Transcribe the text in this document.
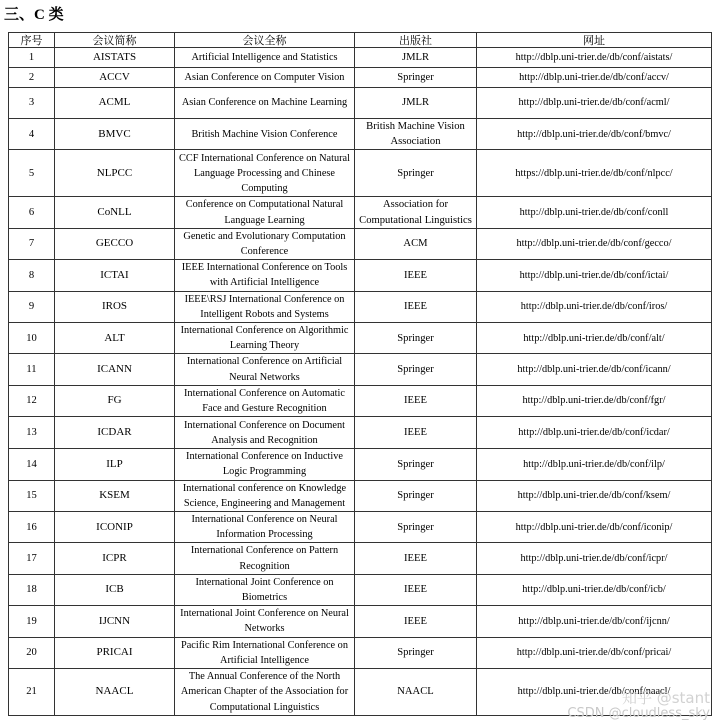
三、C 类
序号	会议简称	会议全称	出版社	网址
1	AISTATS	Artificial Intelligence and Statistics	JMLR	http://dblp.uni-trier.de/db/conf/aistats/
2	ACCV	Asian Conference on Computer Vision	Springer	http://dblp.uni-trier.de/db/conf/accv/
3	ACML	Asian Conference on Machine Learning	JMLR	http://dblp.uni-trier.de/db/conf/acml/
4	BMVC	British Machine Vision Conference	British Machine Vision Association	http://dblp.uni-trier.de/db/conf/bmvc/
5	NLPCC	CCF International Conference on Natural Language Processing and Chinese Computing	Springer	https://dblp.uni-trier.de/db/conf/nlpcc/
6	CoNLL	Conference on Computational Natural Language Learning	Association for Computational Linguistics	http://dblp.uni-trier.de/db/conf/conll
7	GECCO	Genetic and Evolutionary Computation Conference	ACM	http://dblp.uni-trier.de/db/conf/gecco/
8	ICTAI	IEEE International Conference on Tools with Artificial Intelligence	IEEE	http://dblp.uni-trier.de/db/conf/ictai/
9	IROS	IEEE\RSJ International Conference on Intelligent Robots and Systems	IEEE	http://dblp.uni-trier.de/db/conf/iros/
10	ALT	International Conference on Algorithmic Learning Theory	Springer	http://dblp.uni-trier.de/db/conf/alt/
11	ICANN	International Conference on Artificial Neural Networks	Springer	http://dblp.uni-trier.de/db/conf/icann/
12	FG	International Conference on Automatic Face and Gesture Recognition	IEEE	http://dblp.uni-trier.de/db/conf/fgr/
13	ICDAR	International Conference on Document Analysis and Recognition	IEEE	http://dblp.uni-trier.de/db/conf/icdar/
14	ILP	International Conference on Inductive Logic Programming	Springer	http://dblp.uni-trier.de/db/conf/ilp/
15	KSEM	International conference on Knowledge Science, Engineering and Management	Springer	http://dblp.uni-trier.de/db/conf/ksem/
16	ICONIP	International Conference on Neural Information Processing	Springer	http://dblp.uni-trier.de/db/conf/iconip/
17	ICPR	International Conference on Pattern Recognition	IEEE	http://dblp.uni-trier.de/db/conf/icpr/
18	ICB	International Joint Conference on Biometrics	IEEE	http://dblp.uni-trier.de/db/conf/icb/
19	IJCNN	International Joint Conference on Neural Networks	IEEE	http://dblp.uni-trier.de/db/conf/ijcnn/
20	PRICAI	Pacific Rim International Conference on Artificial Intelligence	Springer	http://dblp.uni-trier.de/db/conf/pricai/
21	NAACL	The Annual Conference of the North American Chapter of the Association for Computational Linguistics	NAACL	http://dblp.uni-trier.de/db/conf/naacl/
知乎 @stant
CSDN @cloudless_sky
